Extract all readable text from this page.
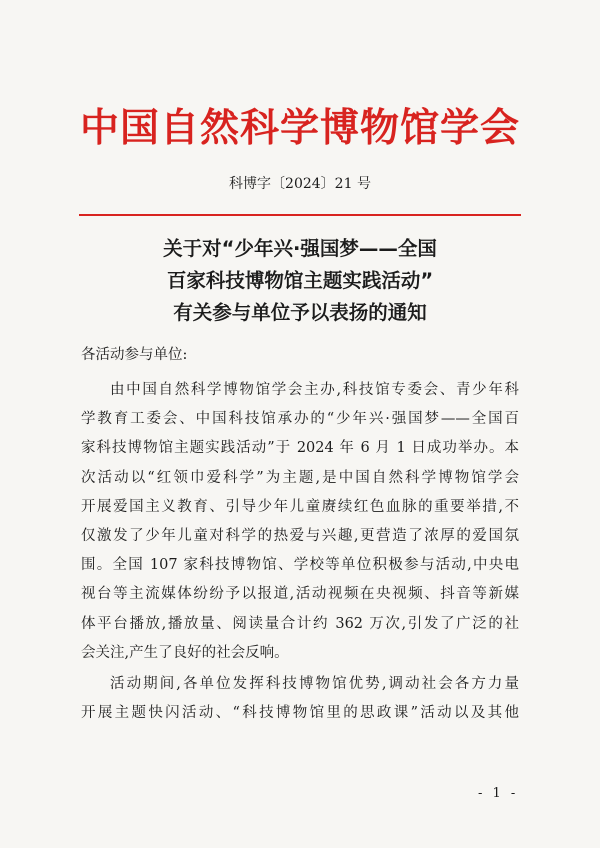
中国自然科学博物馆学会
科博字〔2024〕21 号
关于对“少年兴·强国梦——全国
百家科技博物馆主题实践活动”
有关参与单位予以表扬的通知
各活动参与单位:
由中国自然科学博物馆学会主办,科技馆专委会、青少年科
学教育工委会、中国科技馆承办的“少年兴·强国梦——全国百
家科技博物馆主题实践活动”于 2024 年 6 月 1 日成功举办。本
次活动以“红领巾爱科学”为主题,是中国自然科学博物馆学会
开展爱国主义教育、引导少年儿童赓续红色血脉的重要举措,不
仅激发了少年儿童对科学的热爱与兴趣,更营造了浓厚的爱国氛
围。全国 107 家科技博物馆、学校等单位积极参与活动,中央电
视台等主流媒体纷纷予以报道,活动视频在央视频、抖音等新媒
体平台播放,播放量、阅读量合计约 362 万次,引发了广泛的社
会关注,产生了良好的社会反响。
活动期间,各单位发挥科技博物馆优势,调动社会各方力量
开展主题快闪活动、“科技博物馆里的思政课”活动以及其他
- 1 -
